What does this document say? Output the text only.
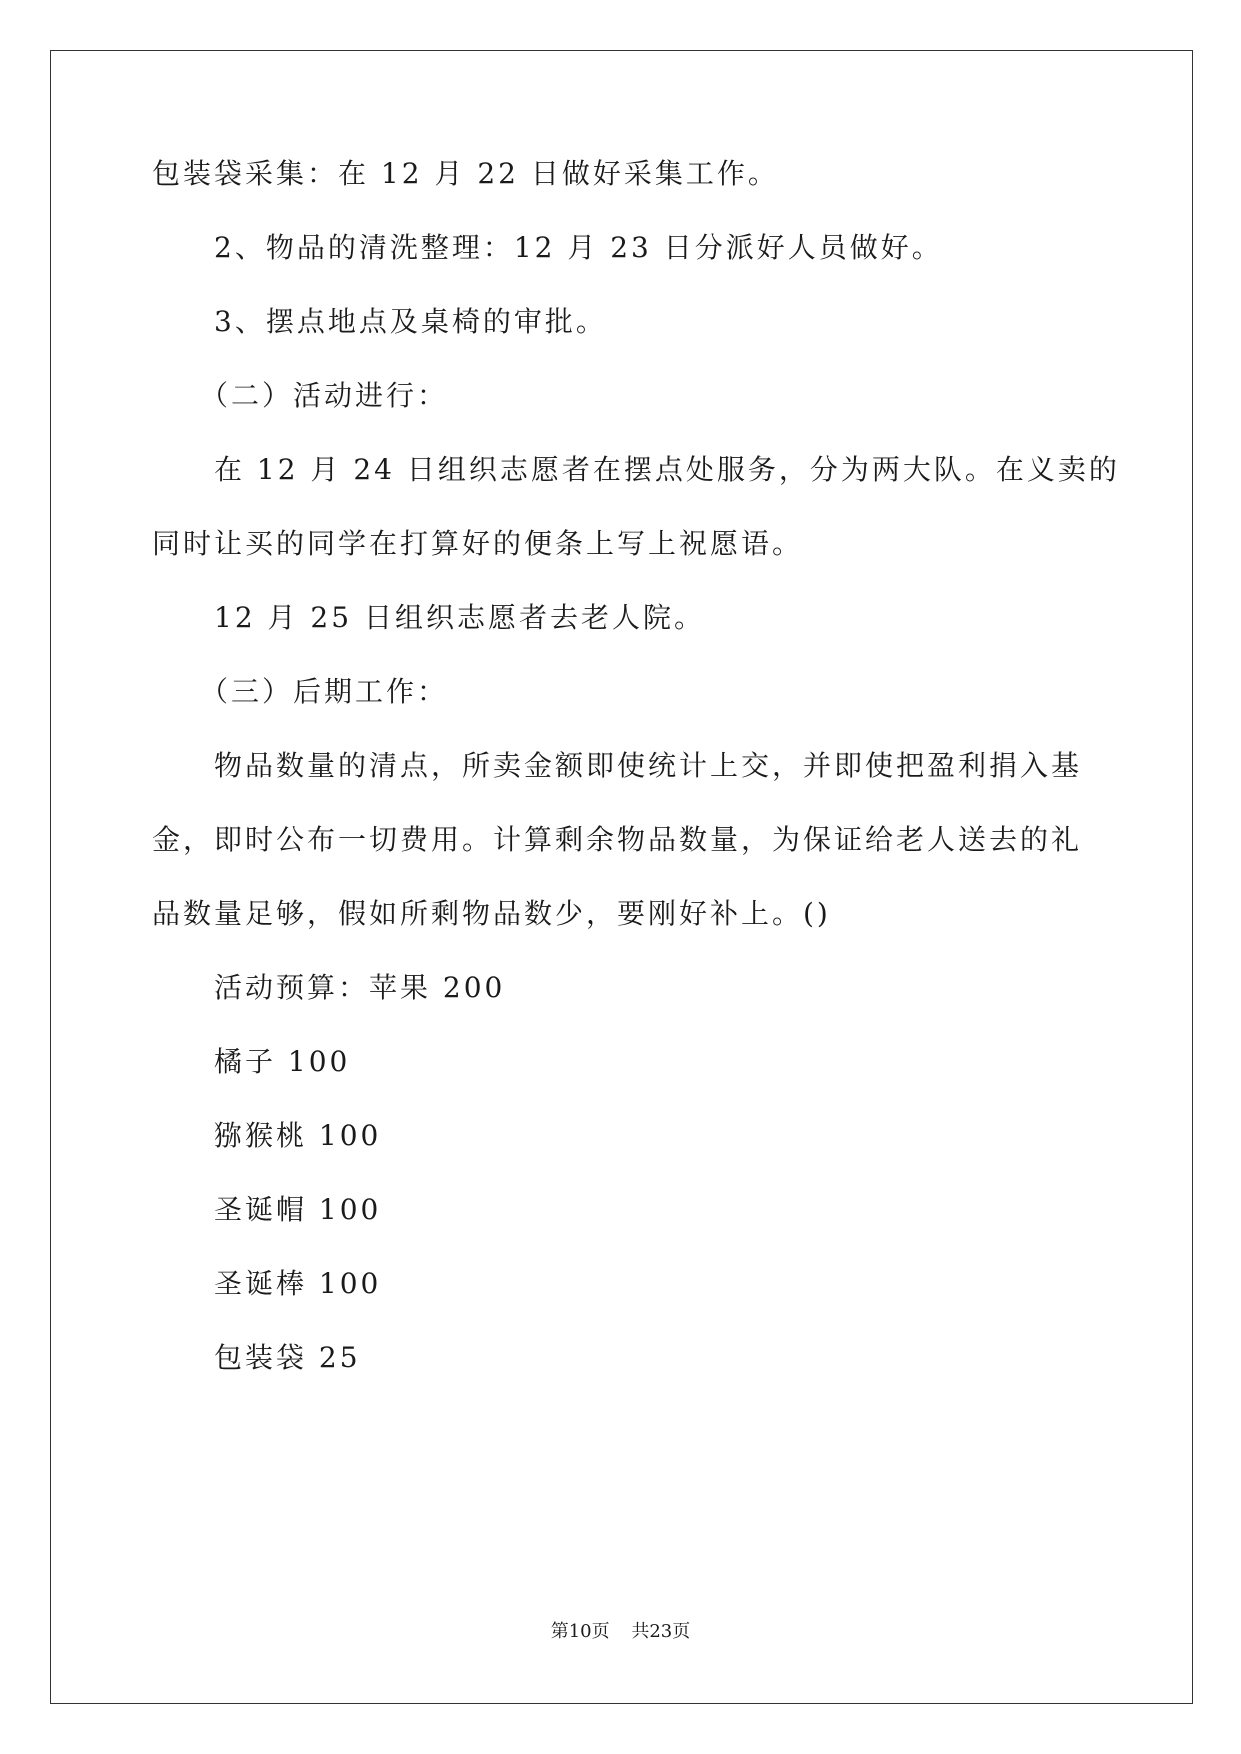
包装袋采集：在 12 月 22 日做好采集工作。
2、物品的清洗整理：12 月 23 日分派好人员做好。
3、摆点地点及桌椅的审批。
（二）活动进行：
在 12 月 24 日组织志愿者在摆点处服务，分为两大队。在义卖的
同时让买的同学在打算好的便条上写上祝愿语。
12 月 25 日组织志愿者去老人院。
（三）后期工作：
物品数量的清点，所卖金额即使统计上交，并即使把盈利捐入基
金，即时公布一切费用。计算剩余物品数量，为保证给老人送去的礼
品数量足够，假如所剩物品数少，要刚好补上。()
活动预算：苹果 200
橘子 100
猕猴桃 100
圣诞帽 100
圣诞棒 100
包装袋 25
第10页 共23页
